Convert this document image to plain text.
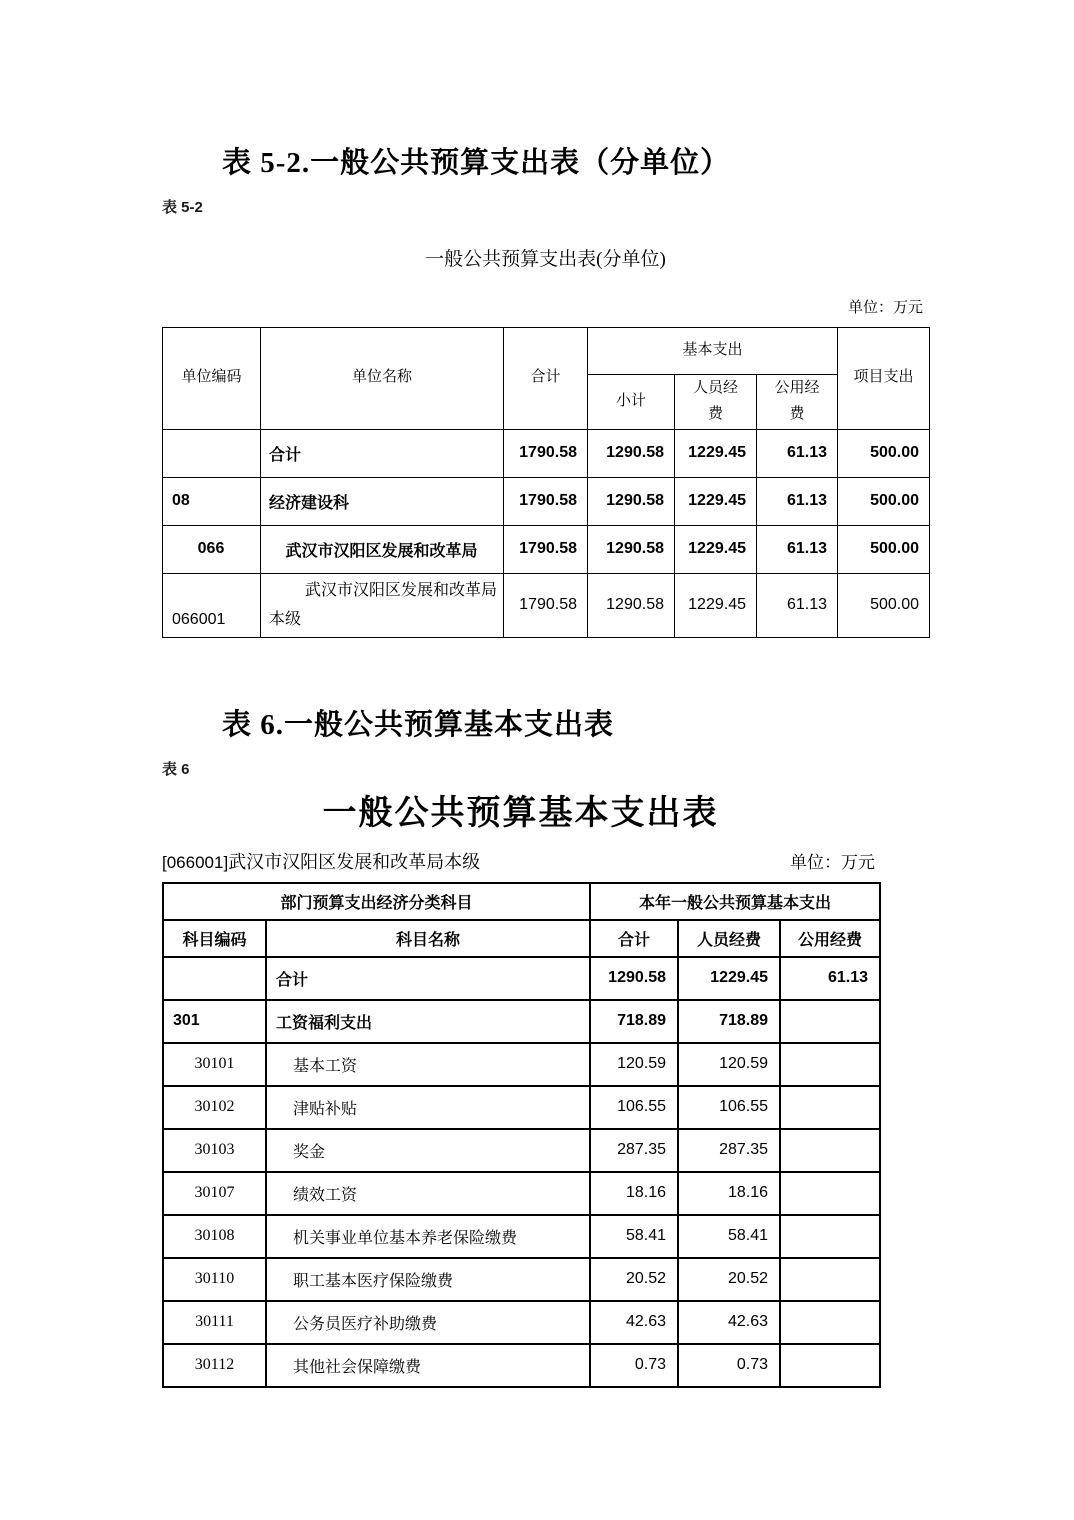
表 5-2.一般公共预算支出表（分单位）
表 5-2
一般公共预算支出表(分单位)
单位：万元
单位编码	单位名称	合计	基本支出			项目支出
			小计	人员经费	公用经费	
	合计	1790.58	1290.58	1229.45	61.13	500.00
08	经济建设科	1790.58	1290.58	1229.45	61.13	500.00
066	武汉市汉阳区发展和改革局	1790.58	1290.58	1229.45	61.13	500.00
066001	武汉市汉阳区发展和改革局本级	1790.58	1290.58	1229.45	61.13	500.00
表 6.一般公共预算基本支出表
表 6
一般公共预算基本支出表
[066001]武汉市汉阳区发展和改革局本级	单位：万元
部门预算支出经济分类科目		本年一般公共预算基本支出		
科目编码	科目名称	合计	人员经费	公用经费
	合计	1290.58	1229.45	61.13
301	工资福利支出	718.89	718.89	
30101	基本工资	120.59	120.59	
30102	津贴补贴	106.55	106.55	
30103	奖金	287.35	287.35	
30107	绩效工资	18.16	18.16	
30108	机关事业单位基本养老保险缴费	58.41	58.41	
30110	职工基本医疗保险缴费	20.52	20.52	
30111	公务员医疗补助缴费	42.63	42.63	
30112	其他社会保障缴费	0.73	0.73	
